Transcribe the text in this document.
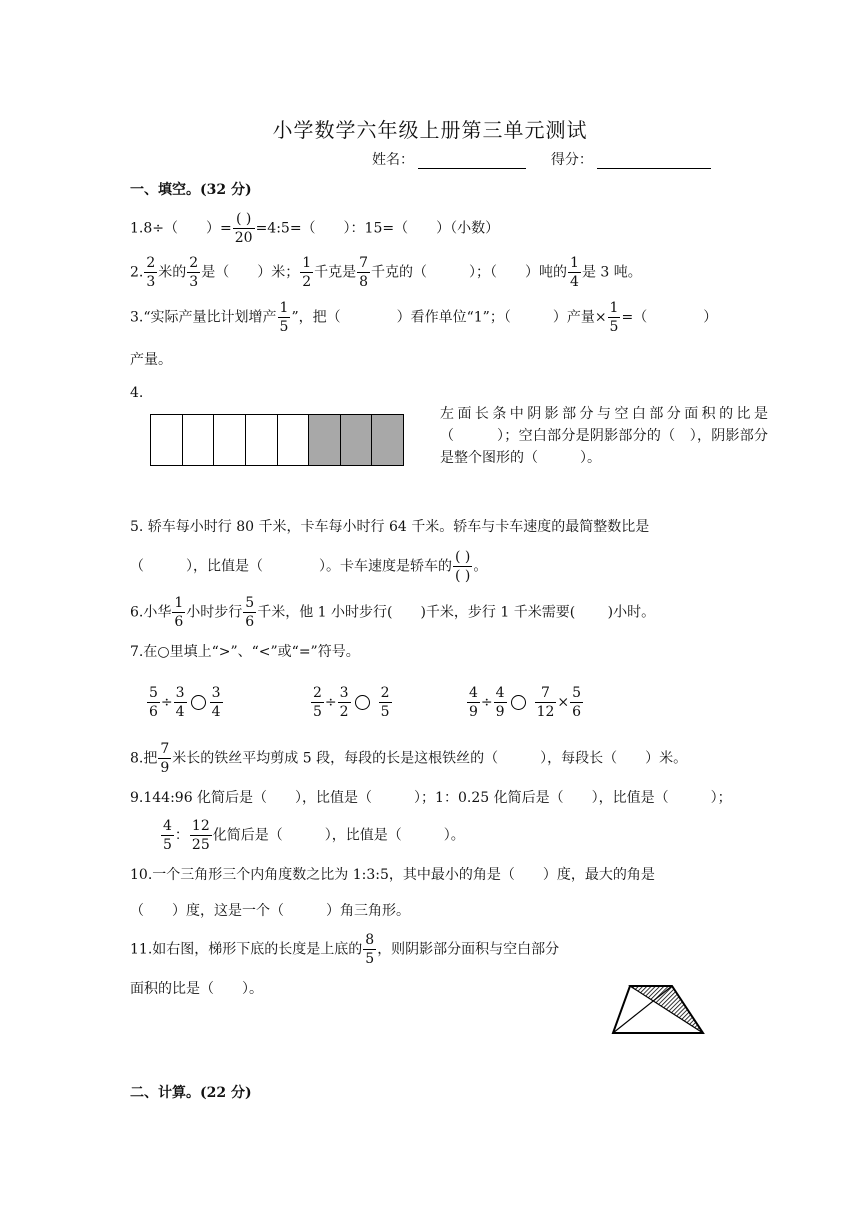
小学数学六年级上册第三单元测试
姓名：	得分：
一、填空。(32 分)
1.8÷（　　）= $\frac{( )}{20}$ =4:5=（　　）：15=（　　）（小数）
2. $\frac{2}{3}$ 米的 $\frac{2}{3}$ 是（　　）米； $\frac{1}{2}$ 千克是 $\frac{7}{8}$ 千克的（　　　）；（　　）吨的 $\frac{1}{4}$ 是 3 吨。
3.“实际产量比计划增产 $\frac{1}{5}$ ”，把（　　　　）看作单位“1”；（　　　）产量× $\frac{1}{5}$ =（　　　　）
产量。
4.
左面长条中阴影部分与空白部分面积的比是（　　　）；空白部分是阴影部分的（　），阴影部分是整个图形的（　　　）。
5. 轿车每小时行 80 千米，卡车每小时行 64 千米。轿车与卡车速度的最简整数比是
（　　　），比值是（　　　　）。卡车速度是轿车的 $\frac{( )}{( )}$ 。
6.小华 $\frac{1}{6}$ 小时步行 $\frac{5}{6}$ 千米，他 1 小时步行(　　)千米，步行 1 千米需要(　　 )小时。
7.在○里填上“>”、“<”或“=”符号。
$\frac{5}{6} \div \frac{3}{4} \frac{3}{4}$	$\frac{2}{5} \div \frac{3}{2} \frac{2}{5}$	$\frac{4}{9} \div \frac{4}{9} \frac{7}{12} \times \frac{5}{6}$
8.把 $\frac{7}{9}$ 米长的铁丝平均剪成 5 段，每段的长是这根铁丝的（　　　），每段长（　　）米。
9.144:96 化简后是（　　），比值是（　　　）；1：0.25 化简后是（　　），比值是（　　　）；
$\frac{4}{5}$ ： $\frac{12}{25}$ 化简后是（　　　），比值是（　　　）。
10.一个三角形三个内角度数之比为 1:3:5，其中最小的角是（　　）度，最大的角是
（　　）度，这是一个（　　　）角三角形。
11.如右图，梯形下底的长度是上底的 $\frac{8}{5}$ ，则阴影部分面积与空白部分
面积的比是（　　）。
二、计算。(22 分)
